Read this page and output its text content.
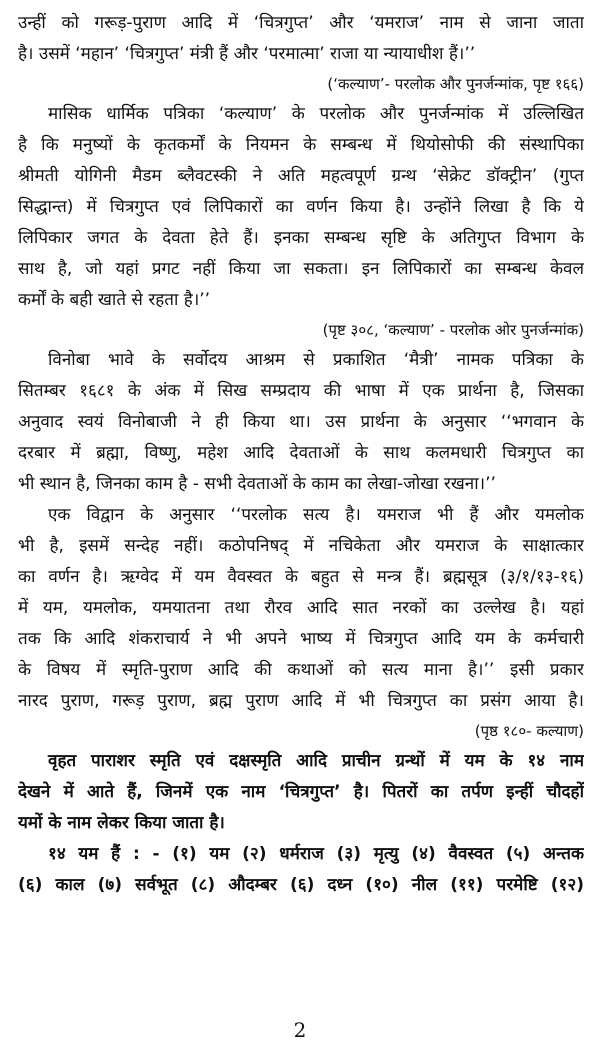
उन्हीं को गरूड़-पुराण आदि में ‘चित्रगुप्त’ और ‘यमराज’ नाम से जाना जाता
है। उसमें ‘महान’ ‘चित्रगुप्त’ मंत्री हैं और ‘परमात्मा’ राजा या न्यायाधीश हैं।’’
(‘कल्याण’- परलोक और पुनर्जन्मांक, पृष्ट १६६)
मासिक धार्मिक पत्रिका ‘कल्याण’ के परलोक और पुनर्जन्मांक में उल्लिखित
है कि मनुष्यों के कृतकर्मों के नियमन के सम्बन्ध में थियोसोफी की संस्थापिका
श्रीमती योगिनी मैडम ब्लैवटस्की ने अति महत्वपूर्ण ग्रन्थ ‘सेक्रेट डॉक्ट्रीन’ (गुप्त
सिद्धान्त) में चित्रगुप्त एवं लिपिकारों का वर्णन किया है। उन्होंने लिखा है कि ये
लिपिकार जगत के देवता हेते हैं। इनका सम्बन्ध सृष्टि के अतिगुप्त विभाग के
साथ है, जो यहां प्रगट नहीं किया जा सकता। इन लिपिकारों का सम्बन्ध केवल
कर्मों के बही खाते से रहता है।’’
(पृष्ट ३०८, ‘कल्याण’ - परलोक ओर पुनर्जन्मांक)
विनोबा भावे के सर्वोदय आश्रम से प्रकाशित ‘मैत्री’ नामक पत्रिका के
सितम्बर १६८१ के अंक में सिख सम्प्रदाय की भाषा में एक प्रार्थना है, जिसका
अनुवाद स्वयं विनोबाजी ने ही किया था। उस प्रार्थना के अनुसार ‘‘भगवान के
दरबार में ब्रह्मा, विष्णु, महेश आदि देवताओं के साथ कलमधारी चित्रगुप्त का
भी स्थान है, जिनका काम है - सभी देवताओं के काम का लेखा-जोखा रखना।’’
एक विद्वान के अनुसार ‘‘परलोक सत्य है। यमराज भी हैं और यमलोक
भी है, इसमें सन्देह नहीं। कठोपनिषद् में नचिकेता और यमराज के साक्षात्कार
का वर्णन है। ऋग्वेद में यम वैवस्वत के बहुत से मन्त्र हैं। ब्रह्मसूत्र (३/१/१३-१६)
में यम, यमलोक, यमयातना तथा रौरव आदि सात नरकों का उल्लेख है। यहां
तक कि आदि शंकराचार्य ने भी अपने भाष्य में चित्रगुप्त आदि यम के कर्मचारी
के विषय में स्मृति-पुराण आदि की कथाओं को सत्य माना है।’’ इसी प्रकार
नारद पुराण, गरूड़ पुराण, ब्रह्म पुराण आदि में भी चित्रगुप्त का प्रसंग आया है।
(पृष्ठ १८०- कल्याण)
वृहत पाराशर स्मृति एवं दक्षस्मृति आदि प्राचीन ग्रन्थों में यम के १४ नाम
देखने में आते हैं, जिनमें एक नाम ‘चित्रगुप्त’ है। पितरों का तर्पण इन्हीं चौदहों
यमों के नाम लेकर किया जाता है।
१४ यम हैं : - (१) यम (२) धर्मराज (३) मृत्यु (४) वैवस्वत (५) अन्तक
(६) काल (७) सर्वभूत (८) औदम्बर (६) दध्न (१०) नील (११) परमेष्टि (१२)
2
